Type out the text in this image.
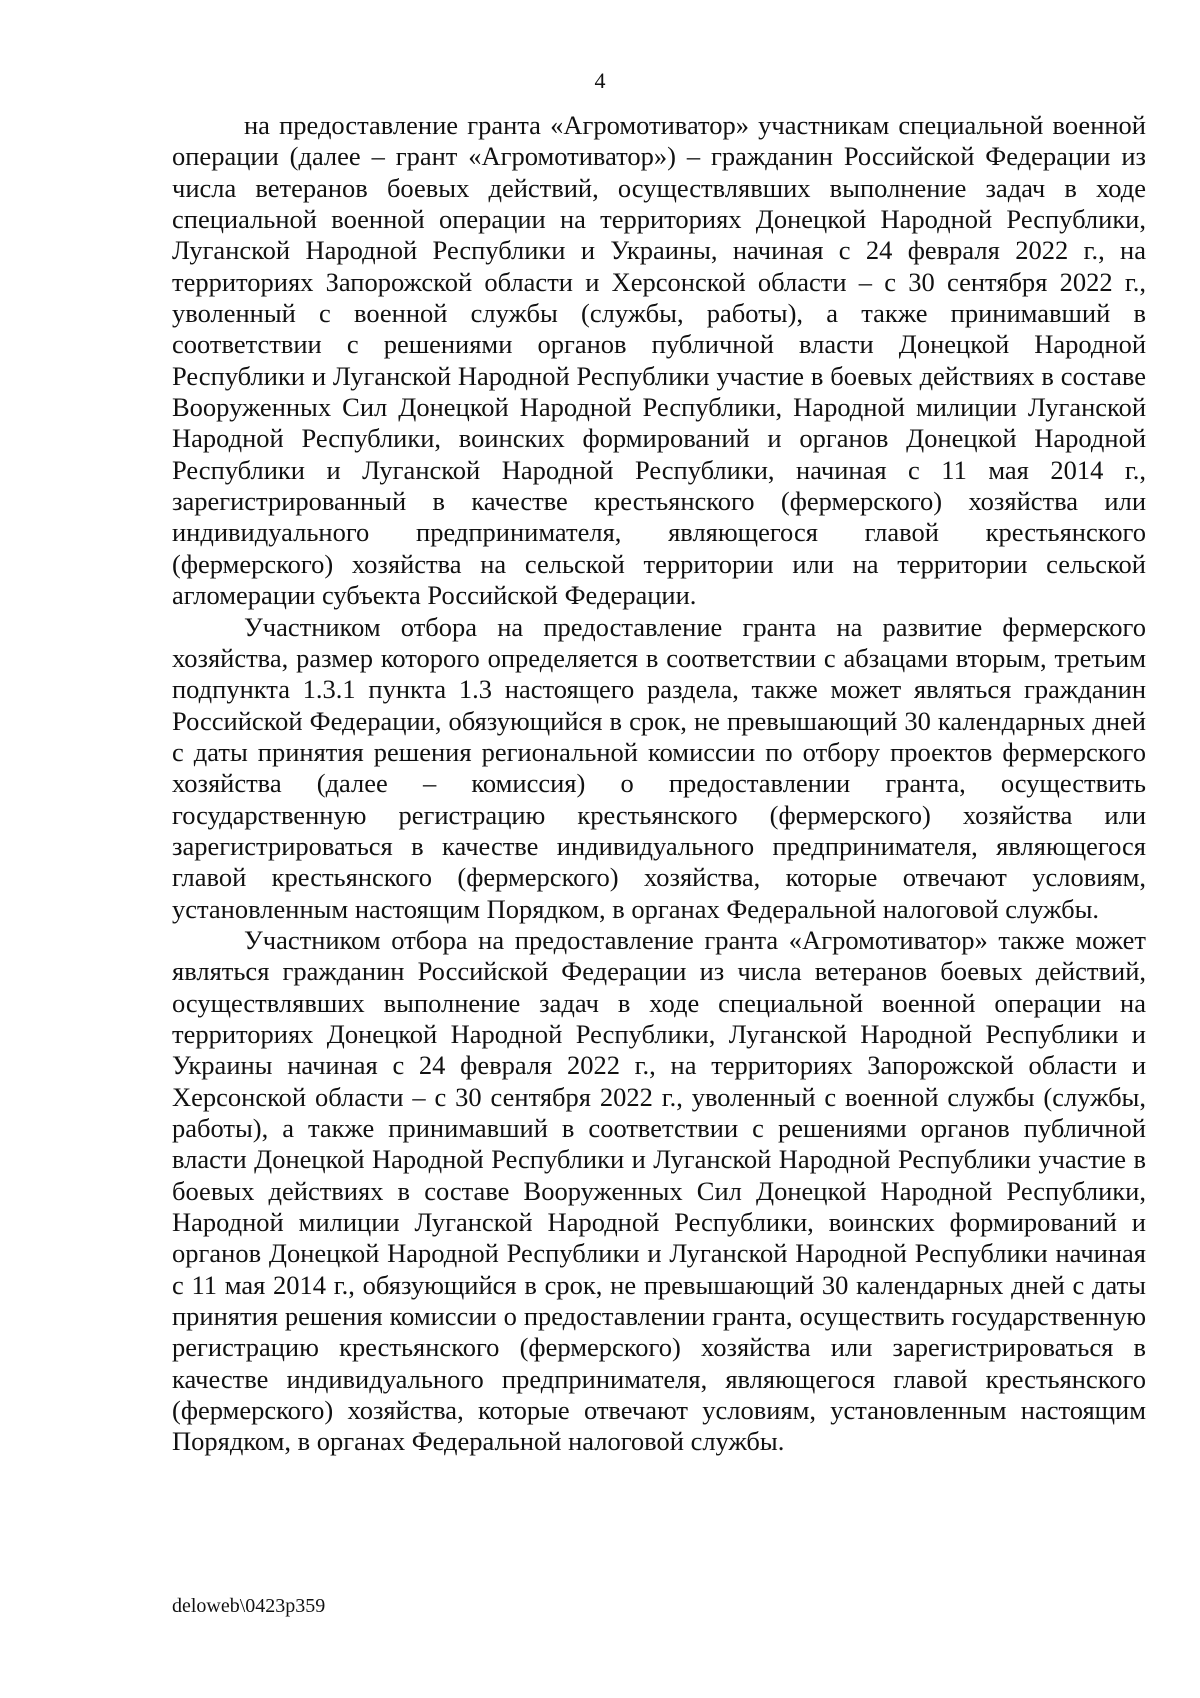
4

на предоставление гранта «Агромотиватор» участникам специальной военной операции (далее – грант «Агромотиватор») – гражданин Российской Федерации из числа ветеранов боевых действий, осуществлявших выполнение задач в ходе специальной военной операции на территориях Донецкой Народной Республики, Луганской Народной Республики и Украины, начиная с 24 февраля 2022 г., на территориях Запорожской области и Херсонской области – с 30 сентября 2022 г., уволенный с военной службы (службы, работы), а также принимавший в соответствии с решениями органов публичной власти Донецкой Народной Республики и Луганской Народной Республики участие в боевых действиях в составе Вооруженных Сил Донецкой Народной Республики, Народной милиции Луганской Народной Республики, воинских формирований и органов Донецкой Народной Республики и Луганской Народной Республики, начиная с 11 мая 2014 г., зарегистрированный в качестве крестьянского (фермерского) хозяйства или индивидуального предпринимателя, являющегося главой крестьянского (фермерского) хозяйства на сельской территории или на территории сельской агломерации субъекта Российской Федерации.

Участником отбора на предоставление гранта на развитие фермерского хозяйства, размер которого определяется в соответствии с абзацами вторым, третьим подпункта 1.3.1 пункта 1.3 настоящего раздела, также может являться гражданин Российской Федерации, обязующийся в срок, не превышающий 30 календарных дней с даты принятия решения региональной комиссии по отбору проектов фермерского хозяйства (далее – комиссия) о предоставлении гранта, осуществить государственную регистрацию крестьянского (фермерского) хозяйства или зарегистрироваться в качестве индивидуального предпринимателя, являющегося главой крестьянского (фермерского) хозяйства, которые отвечают условиям, установленным настоящим Порядком, в органах Федеральной налоговой службы.

Участником отбора на предоставление гранта «Агромотиватор» также может являться гражданин Российской Федерации из числа ветеранов боевых действий, осуществлявших выполнение задач в ходе специальной военной операции на территориях Донецкой Народной Республики, Луганской Народной Республики и Украины начиная с 24 февраля 2022 г., на территориях Запорожской области и Херсонской области – с 30 сентября 2022 г., уволенный с военной службы (службы, работы), а также принимавший в соответствии с решениями органов публичной власти Донецкой Народной Республики и Луганской Народной Республики участие в боевых действиях в составе Вооруженных Сил Донецкой Народной Республики, Народной милиции Луганской Народной Республики, воинских формирований и органов Донецкой Народной Республики и Луганской Народной Республики начиная с 11 мая 2014 г., обязующийся в срок, не превышающий 30 календарных дней с даты принятия решения комиссии о предоставлении гранта, осуществить государственную регистрацию крестьянского (фермерского) хозяйства или зарегистрироваться в качестве индивидуального предпринимателя, являющегося главой крестьянского (фермерского) хозяйства, которые отвечают условиям, установленным настоящим Порядком, в органах Федеральной налоговой службы.

deloweb\0423p359
